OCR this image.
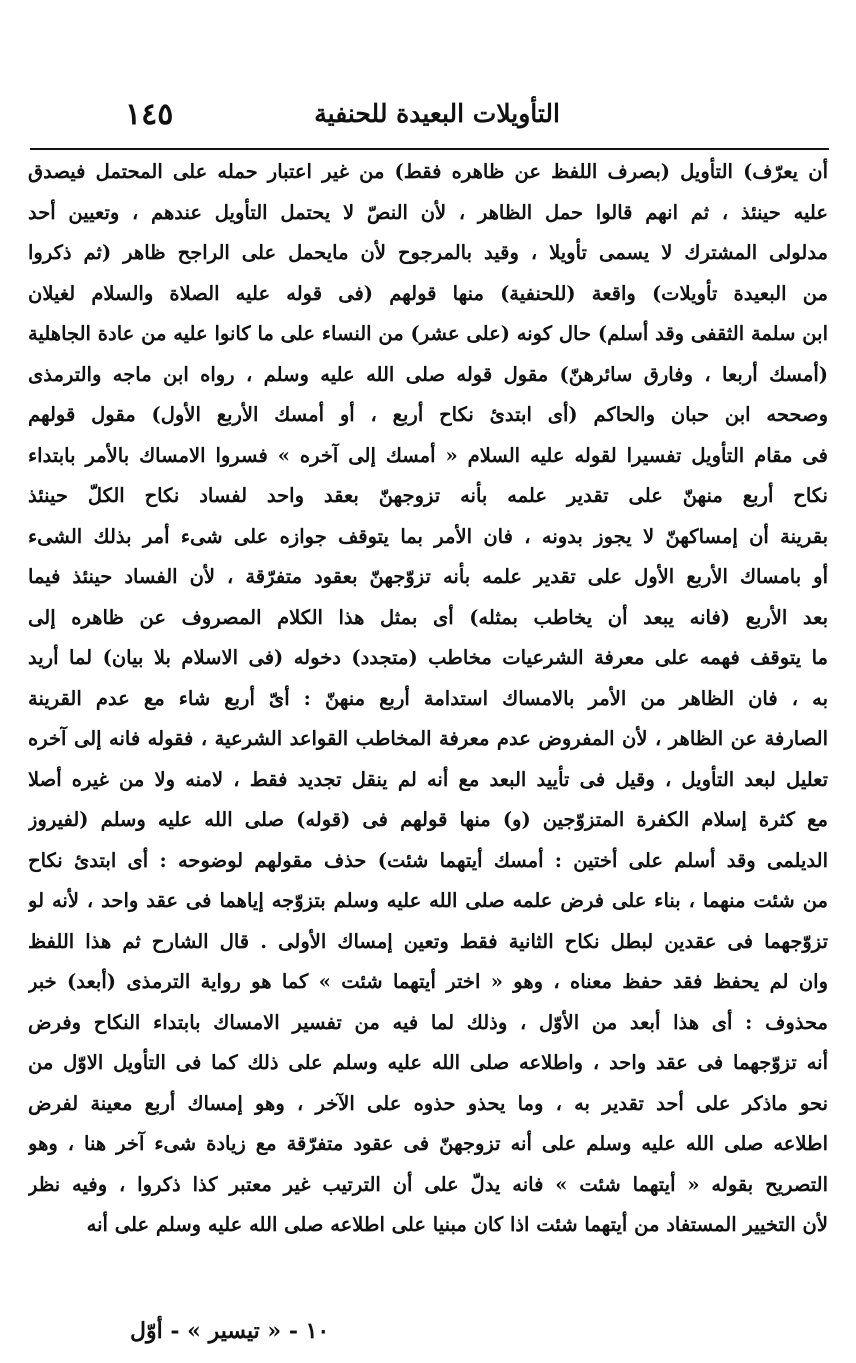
التأويلات البعيدة للحنفية
١٤٥
أن يعرّف) التأويل (بصرف اللفظ عن ظاهره فقط) من غير اعتبار حمله على المحتمل فيصدق
عليه حينئذ ، ثم انهم قالوا حمل الظاهر ، لأن النصّ لا يحتمل التأويل عندهم ، وتعيين أحد
مدلولى المشترك لا يسمى تأويلا ، وقيد بالمرجوح لأن مايحمل على الراجح ظاهر (ثم ذكروا
من البعيدة تأويلات) واقعة (للحنفية) منها قولهم (فى قوله عليه الصلاة والسلام لغيلان
ابن سلمة الثقفى وقد أسلم) حال كونه (على عشر) من النساء على ما كانوا عليه من عادة الجاهلية
(أمسك أربعا ، وفارق سائرهنّ) مقول قوله صلى الله عليه وسلم ، رواه ابن ماجه والترمذى
وصححه ابن حبان والحاكم (أى ابتدئ نكاح أربع ، أو أمسك الأربع الأول) مقول قولهم
فى مقام التأويل تفسيرا لقوله عليه السلام « أمسك إلى آخره » فسروا الامساك بالأمر بابتداء
نكاح أربع منهنّ على تقدير علمه بأنه تزوجهنّ بعقد واحد لفساد نكاح الكلّ حينئذ
بقرينة أن إمساكهنّ لا يجوز بدونه ، فان الأمر بما يتوقف جوازه على شىء أمر بذلك الشىء
أو بامساك الأربع الأول على تقدير علمه بأنه تزوّجهنّ بعقود متفرّقة ، لأن الفساد حينئذ فيما
بعد الأربع (فانه يبعد أن يخاطب بمثله) أى بمثل هذا الكلام المصروف عن ظاهره إلى
ما يتوقف فهمه على معرفة الشرعيات مخاطب (متجدد) دخوله (فى الاسلام بلا بيان) لما أريد
به ، فان الظاهر من الأمر بالامساك استدامة أربع منهنّ : أىّ أربع شاء مع عدم القرينة
الصارفة عن الظاهر ، لأن المفروض عدم معرفة المخاطب القواعد الشرعية ، فقوله فانه إلى آخره
تعليل لبعد التأويل ، وقيل فى تأييد البعد مع أنه لم ينقل تجديد فقط ، لامنه ولا من غيره أصلا
مع كثرة إسلام الكفرة المتزوّجين (و) منها قولهم فى (قوله) صلى الله عليه وسلم (لفيروز
الديلمى وقد أسلم على أختين : أمسك أيتهما شئت) حذف مقولهم لوضوحه : أى ابتدئ نكاح
من شئت منهما ، بناء على فرض علمه صلى الله عليه وسلم بتزوّجه إياهما فى عقد واحد ، لأنه لو
تزوّجهما فى عقدين لبطل نكاح الثانية فقط وتعين إمساك الأولى . قال الشارح ثم هذا اللفظ
وان لم يحفظ فقد حفظ معناه ، وهو « اختر أيتهما شئت » كما هو رواية الترمذى (أبعد) خبر
محذوف : أى هذا أبعد من الأوّل ، وذلك لما فيه من تفسير الامساك بابتداء النكاح وفرض
أنه تزوّجهما فى عقد واحد ، واطلاعه صلى الله عليه وسلم على ذلك كما فى التأويل الاوّل من
نحو ماذكر على أحد تقدير به ، وما يحذو حذوه على الآخر ، وهو إمساك أربع معينة لفرض
اطلاعه صلى الله عليه وسلم على أنه تزوجهنّ فى عقود متفرّقة مع زيادة شىء آخر هنا ، وهو
التصريح بقوله « أيتهما شئت » فانه يدلّ على أن الترتيب غير معتبر كذا ذكروا ، وفيه نظر
لأن التخيير المستفاد من أيتهما شئت اذا كان مبنيا على اطلاعه صلى الله عليه وسلم على أنه
١٠ - « تيسير » - أوّل
